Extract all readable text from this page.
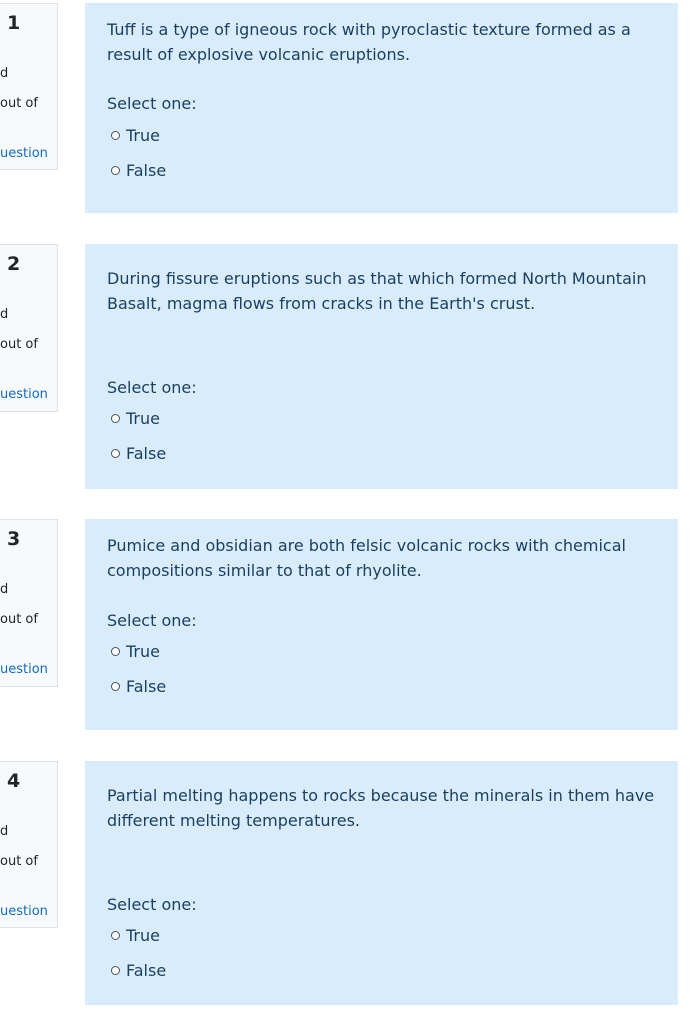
1
d
out of
uestion
Tuff is a type of igneous rock with pyroclastic texture formed as a result of explosive volcanic eruptions.
Select one:
True
False
2
d
out of
uestion
During fissure eruptions such as that which formed North Mountain Basalt, magma flows from cracks in the Earth's crust.
Select one:
True
False
3
d
out of
uestion
Pumice and obsidian are both felsic volcanic rocks with chemical compositions similar to that of rhyolite.
Select one:
True
False
4
d
out of
uestion
Partial melting happens to rocks because the minerals in them have different melting temperatures.
Select one:
True
False
